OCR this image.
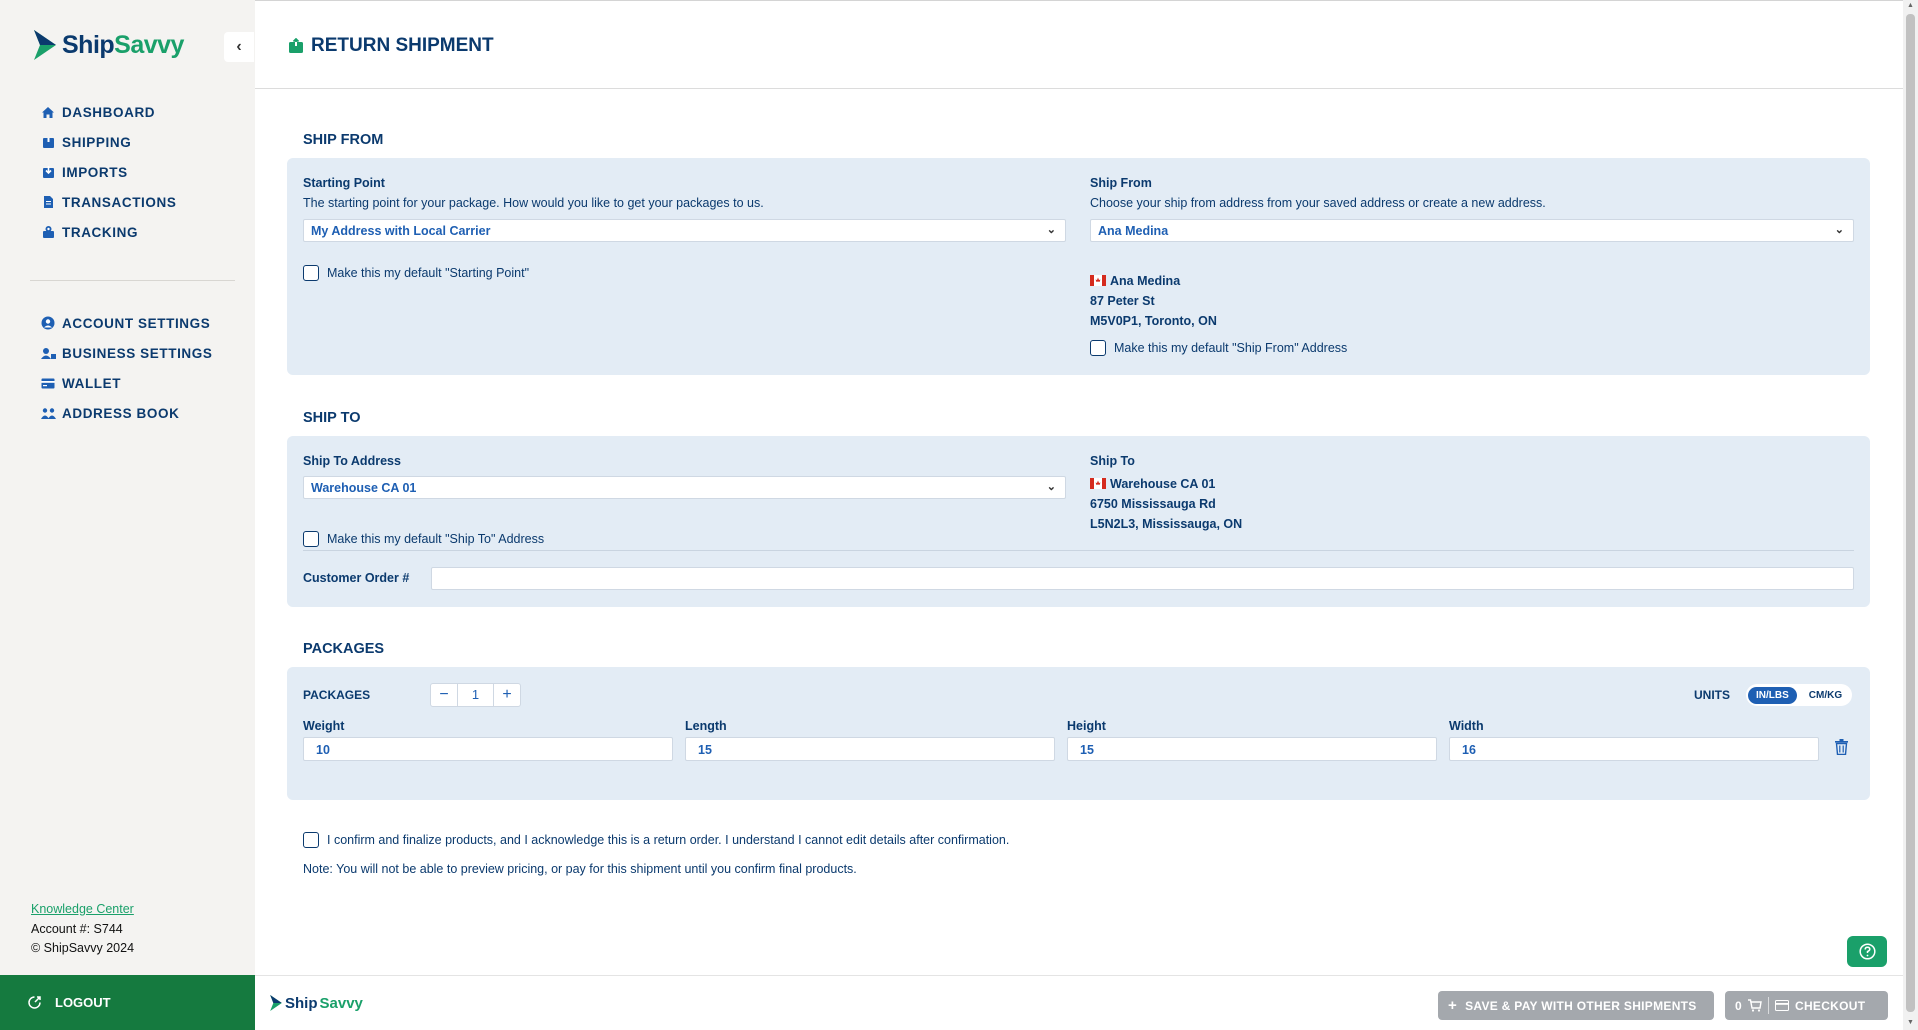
ShipSavvy	‹
DASHBOARD
SHIPPING
IMPORTS
TRANSACTIONS
TRACKING
ACCOUNT SETTINGS
BUSINESS SETTINGS
WALLET
ADDRESS BOOK
Knowledge Center
Account #: S744
© ShipSavvy 2024
LOGOUT
RETURN SHIPMENT
SHIP FROM
Starting Point
The starting point for your package. How would you like to get your packages to us.
My Address with Local Carrier	⌄
Make this my default "Starting Point"
Ship From
Choose your ship from address from your saved address or create a new address.
Ana Medina	⌄
Ana Medina
87 Peter St
M5V0P1, Toronto, ON
Make this my default "Ship From" Address
SHIP TO
Ship To Address
Warehouse CA 01	⌄
Make this my default "Ship To" Address
Ship To
Warehouse CA 01
6750 Mississauga Rd
L5N2L3, Mississauga, ON
Customer Order #
PACKAGES
PACKAGES	UNITS
Weight	Length	Height	Width
10	15	15	16
−	1	+	IN/LBS	CM/KG
I confirm and finalize products, and I acknowledge this is a return order. I understand I cannot edit details after confirmation.
Note: You will not be able to preview pricing, or pay for this shipment until you confirm final products.
Ship Savvy	+ SAVE & PAY WITH OTHER SHIPMENTS	0	CHECKOUT
▲
▼
